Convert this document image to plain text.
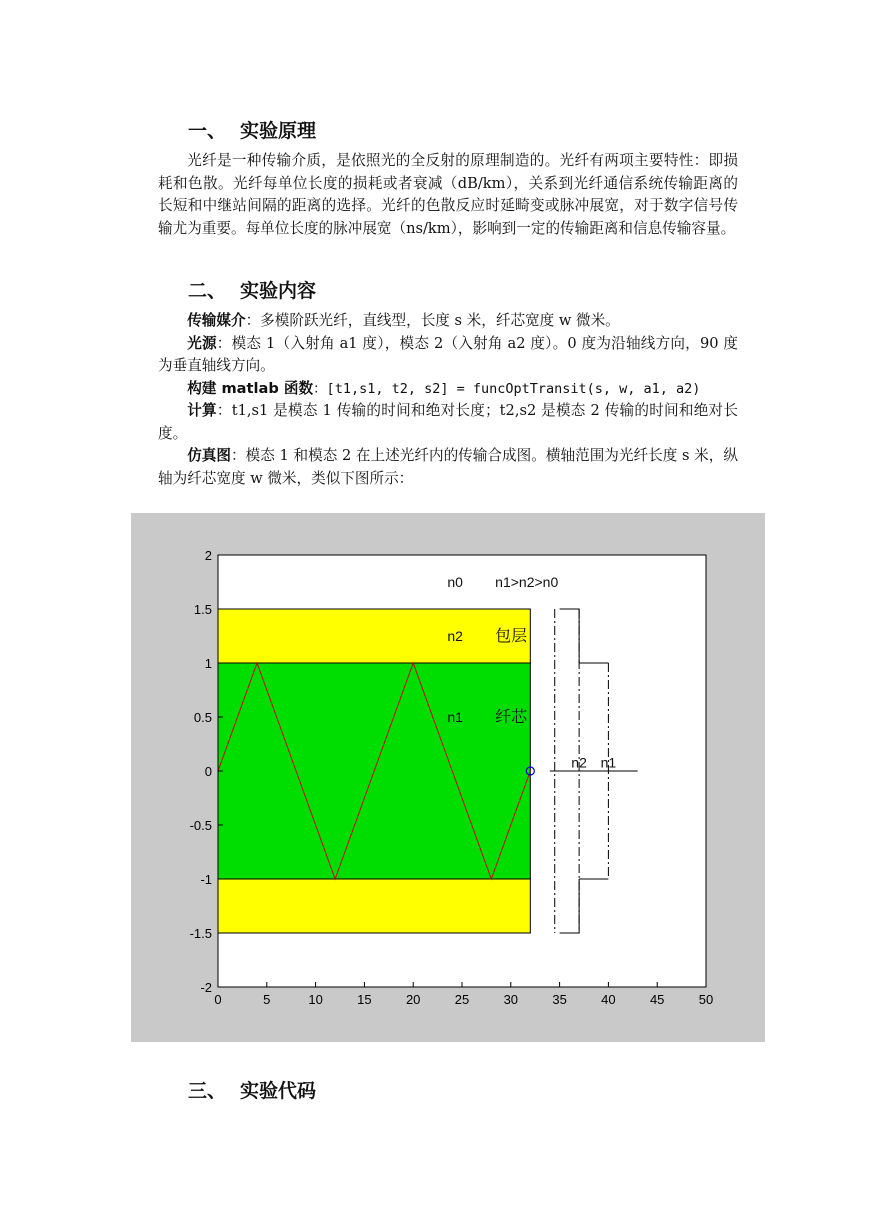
一、 实验原理

光纤是一种传输介质，是依照光的全反射的原理制造的。光纤有两项主要特性：即损耗和色散。光纤每单位长度的损耗或者衰减（dB/km），关系到光纤通信系统传输距离的长短和中继站间隔的距离的选择。光纤的色散反应时延畸变或脉冲展宽，对于数字信号传输尤为重要。每单位长度的脉冲展宽（ns/km），影响到一定的传输距离和信息传输容量。

二、 实验内容

传输媒介：多模阶跃光纤，直线型，长度 s 米，纤芯宽度 w 微米。

光源：模态 1（入射角 a1 度），模态 2（入射角 a2 度）。0 度为沿轴线方向，90 度为垂直轴线方向。

构建 matlab 函数：[t1,s1, t2, s2] = funcOptTransit(s, w, a1, a2)

计算：t1,s1 是模态 1 传输的时间和绝对长度；t2,s2 是模态 2 传输的时间和绝对长度。

仿真图：模态 1 和模态 2 在上述光纤内的传输合成图。横轴范围为光纤长度 s 米，纵轴为纤芯宽度 w 微米，类似下图所示：

0	5	10	15	20	25	30	35	40	45	50
2
1.5
1
0.5
0
-0.5
-1
-1.5
-2
n0 n1>n2>n0
n2 包层
n1 纤芯
n2 n1
三、 实验代码
